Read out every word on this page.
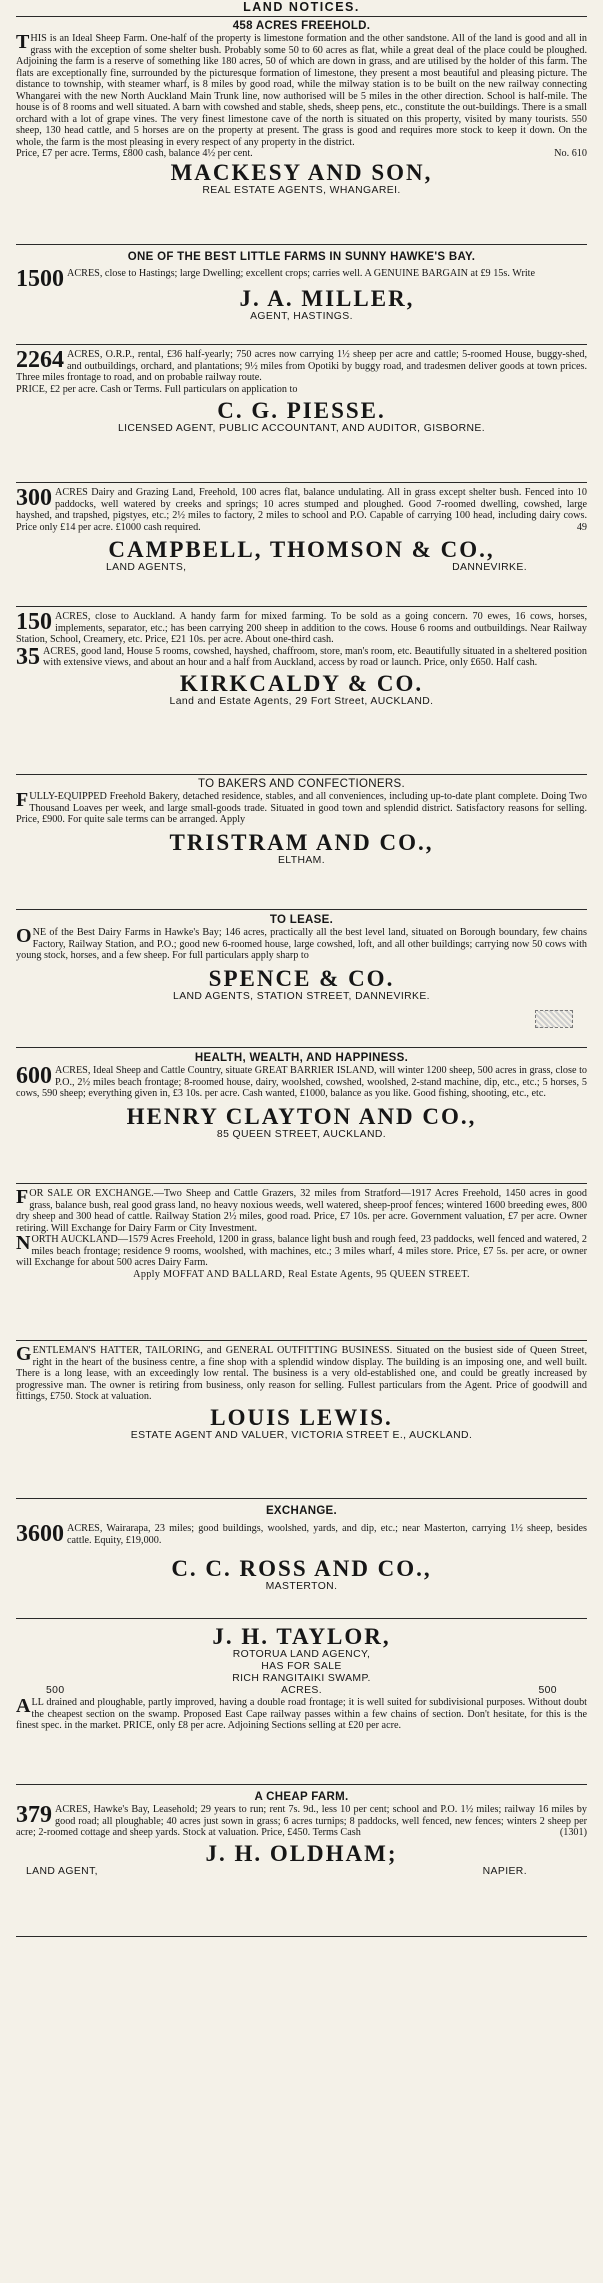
LAND NOTICES.
458 ACRES FREEHOLD.
THIS is an Ideal Sheep Farm. One-half of the property is limestone formation and the other sandstone. All of the land is good and all in grass with the exception of some shelter bush. Probably some 50 to 60 acres as flat, while a great deal of the place could be ploughed. Adjoining the farm is a reserve of something like 180 acres, 50 of which are down in grass, and are utilised by the holder of this farm. The flats are exceptionally fine, surrounded by the picturesque formation of limestone, they present a most beautiful and pleasing picture. The distance to township, with steamer wharf, is 8 miles by good road, while the milway station is to be built on the new railway connecting Whangarei with the new North Auckland Main Trunk line, now authorised will be 5 miles in the other direction. School is half-mile. The house is of 8 rooms and well situated. A barn with cowshed and stable, sheds, sheep pens, etc., constitute the out-buildings. There is a small orchard with a lot of grape vines. The very finest limestone cave of the north is situated on this property, visited by many tourists. 550 sheep, 130 head cattle, and 5 horses are on the property at present. The grass is good and requires more stock to keep it down. On the whole, the farm is the most pleasing in every respect of any property in the district.
Price, £7 per acre. Terms, £800 cash, balance 4½ per cent.	No. 610
MACKESY AND SON,
REAL ESTATE AGENTS, WHANGAREI.
ONE OF THE BEST LITTLE FARMS IN SUNNY HAWKE'S BAY.
1500 ACRES, close to Hastings; large Dwelling; excellent crops; carries well. A GENUINE BARGAIN at £9 15s. Write
J. A. MILLER,
AGENT, HASTINGS.
2264 ACRES, O.R.P., rental, £36 half-yearly; 750 acres now carrying 1½ sheep per acre and cattle; 5-roomed House, buggy-shed, and outbuildings, orchard, and plantations; 9½ miles from Opotiki by buggy road, and tradesmen deliver goods at town prices. Three miles frontage to road, and on probable railway route.
PRICE, £2 per acre. Cash or Terms. Full particulars on application to
C. G. PIESSE.
LICENSED AGENT, PUBLIC ACCOUNTANT, AND AUDITOR, GISBORNE.
300 ACRES Dairy and Grazing Land, Freehold, 100 acres flat, balance undulating. All in grass except shelter bush. Fenced into 10 paddocks, well watered by creeks and springs; 10 acres stumped and ploughed. Good 7-roomed dwelling, cowshed, large hayshed, and trapshed, pigstyes, etc.; 2½ miles to factory, 2 miles to school and P.O. Capable of carrying 100 head, including dairy cows. Price only £14 per acre. £1000 cash required.	49
CAMPBELL, THOMSON & CO.,
LAND AGENTS,	DANNEVIRKE.
150 ACRES, close to Auckland. A handy farm for mixed farming. To be sold as a going concern. 70 ewes, 16 cows, horses, implements, separator, etc.; has been carrying 200 sheep in addition to the cows. House 6 rooms and outbuildings. Near Railway Station, School, Creamery, etc. Price, £21 10s. per acre. About one-third cash.
35 ACRES, good land, House 5 rooms, cowshed, hayshed, chaffroom, store, man's room, etc. Beautifully situated in a sheltered position with extensive views, and about an hour and a half from Auckland, access by road or launch. Price, only £650. Half cash.
KIRKCALDY & CO.
Land and Estate Agents, 29 Fort Street, AUCKLAND.
TO BAKERS AND CONFECTIONERS.
FULLY-EQUIPPED Freehold Bakery, detached residence, stables, and all conveniences, including up-to-date plant complete. Doing Two Thousand Loaves per week, and large small-goods trade. Situated in good town and splendid district. Satisfactory reasons for selling. Price, £900. For quite sale terms can be arranged. Apply
TRISTRAM AND CO.,
ELTHAM.
TO LEASE.
ONE of the Best Dairy Farms in Hawke's Bay; 146 acres, practically all the best level land, situated on Borough boundary, few chains Factory, Railway Station, and P.O.; good new 6-roomed house, large cowshed, loft, and all other buildings; carrying now 50 cows with young stock, horses, and a few sheep. For full particulars apply sharp to
SPENCE & CO.
LAND AGENTS, STATION STREET, DANNEVIRKE.
HEALTH, WEALTH, AND HAPPINESS.
600 ACRES, Ideal Sheep and Cattle Country, situate GREAT BARRIER ISLAND, will winter 1200 sheep, 500 acres in grass, close to P.O., 2½ miles beach frontage; 8-roomed house, dairy, woolshed, cowshed, woolshed, 2-stand machine, dip, etc., etc.; 5 horses, 5 cows, 590 sheep; everything given in, £3 10s. per acre. Cash wanted, £1000, balance as you like. Good fishing, shooting, etc., etc.
HENRY CLAYTON AND CO.,
85 QUEEN STREET, AUCKLAND.
FOR SALE OR EXCHANGE.—Two Sheep and Cattle Grazers, 32 miles from Stratford—1917 Acres Freehold, 1450 acres in good grass, balance bush, real good grass land, no heavy noxious weeds, well watered, sheep-proof fences; wintered 1600 breeding ewes, 800 dry sheep and 300 head of cattle. Railway Station 2½ miles, good road. Price, £7 10s. per acre. Government valuation, £7 per acre. Owner retiring. Will Exchange for Dairy Farm or City Investment.
NORTH AUCKLAND—1579 Acres Freehold, 1200 in grass, balance light bush and rough feed, 23 paddocks, well fenced and watered, 2 miles beach frontage; residence 9 rooms, woolshed, with machines, etc.; 3 miles wharf, 4 miles store. Price, £7 5s. per acre, or owner will Exchange for about 500 acres Dairy Farm.
Apply MOFFAT AND BALLARD, Real Estate Agents, 95 QUEEN STREET.
GENTLEMAN'S HATTER, TAILORING, and GENERAL OUTFITTING BUSINESS. Situated on the busiest side of Queen Street, right in the heart of the business centre, a fine shop with a splendid window display. The building is an imposing one, and well built. There is a long lease, with an exceedingly low rental. The business is a very old-established one, and could be greatly increased by progressive man. The owner is retiring from business, only reason for selling. Fullest particulars from the Agent. Price of goodwill and fittings, £750. Stock at valuation.
LOUIS LEWIS.
ESTATE AGENT AND VALUER, VICTORIA STREET E., AUCKLAND.
EXCHANGE.
3600 ACRES, Wairarapa, 23 miles; good buildings, woolshed, yards, and dip, etc.; near Masterton, carrying 1½ sheep, besides cattle. Equity, £19,000.
C. C. ROSS AND CO.,
MASTERTON.
J. H. TAYLOR,
ROTORUA LAND AGENCY,
HAS FOR SALE
RICH RANGITAIKI SWAMP.
500	ACRES.	500
ALL drained and ploughable, partly improved, having a double road frontage; it is well suited for subdivisional purposes. Without doubt the cheapest section on the swamp. Proposed East Cape railway passes within a few chains of section. Don't hesitate, for this is the finest spec. in the market. PRICE, only £8 per acre. Adjoining Sections selling at £20 per acre.
A CHEAP FARM.
379 ACRES, Hawke's Bay, Leasehold; 29 years to run; rent 7s. 9d., less 10 per cent; school and P.O. 1½ miles; railway 16 miles by good road; all ploughable; 40 acres just sown in grass; 6 acres turnips; 8 paddocks, well fenced, new fences; winters 2 sheep per acre; 2-roomed cottage and sheep yards. Stock at valuation. Price, £450. Terms Cash	(1301)
J. H. OLDHAM;
LAND AGENT,	NAPIER.
